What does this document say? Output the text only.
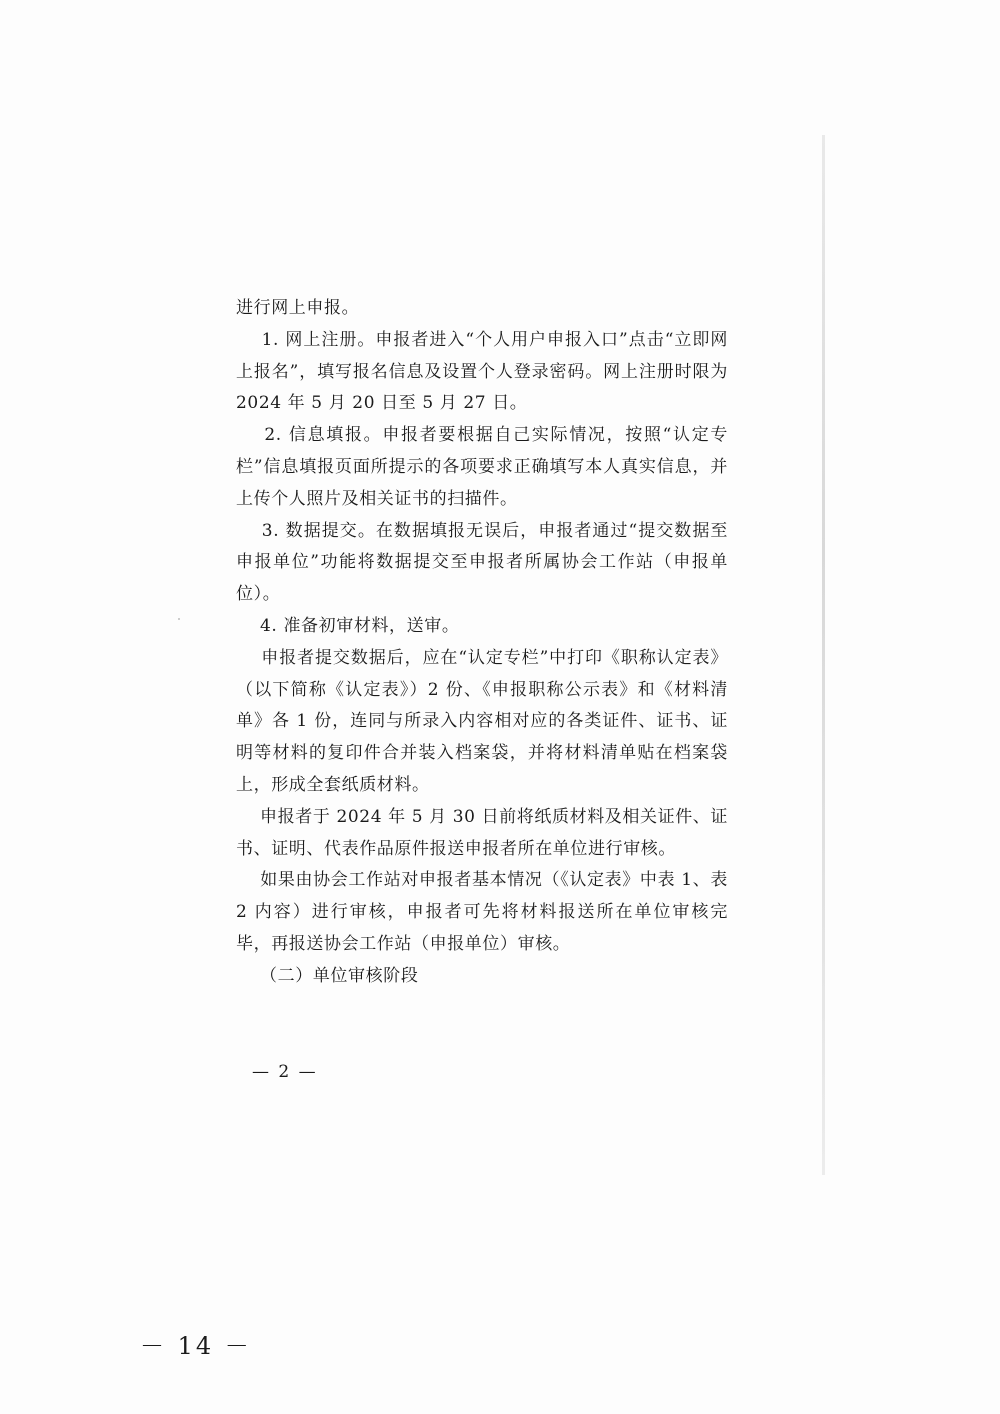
进行网上申报。

1. 网上注册。申报者进入“个人用户申报入口”点击“立即网上报名”，填写报名信息及设置个人登录密码。网上注册时限为 2024 年 5 月 20 日至 5 月 27 日。

2. 信息填报。申报者要根据自己实际情况，按照“认定专栏”信息填报页面所提示的各项要求正确填写本人真实信息，并上传个人照片及相关证书的扫描件。

3. 数据提交。在数据填报无误后，申报者通过“提交数据至申报单位”功能将数据提交至申报者所属协会工作站（申报单位）。

4. 准备初审材料，送审。

申报者提交数据后，应在“认定专栏”中打印《职称认定表》（以下简称《认定表》）2 份、《申报职称公示表》和《材料清单》各 1 份，连同与所录入内容相对应的各类证件、证书、证明等材料的复印件合并装入档案袋，并将材料清单贴在档案袋上，形成全套纸质材料。

申报者于 2024 年 5 月 30 日前将纸质材料及相关证件、证书、证明、代表作品原件报送申报者所在单位进行审核。

如果由协会工作站对申报者基本情况（《认定表》中表 1、表 2 内容）进行审核，申报者可先将材料报送所在单位审核完毕，再报送协会工作站（申报单位）审核。

（二）单位审核阶段

— 2 —
－ 14 －
